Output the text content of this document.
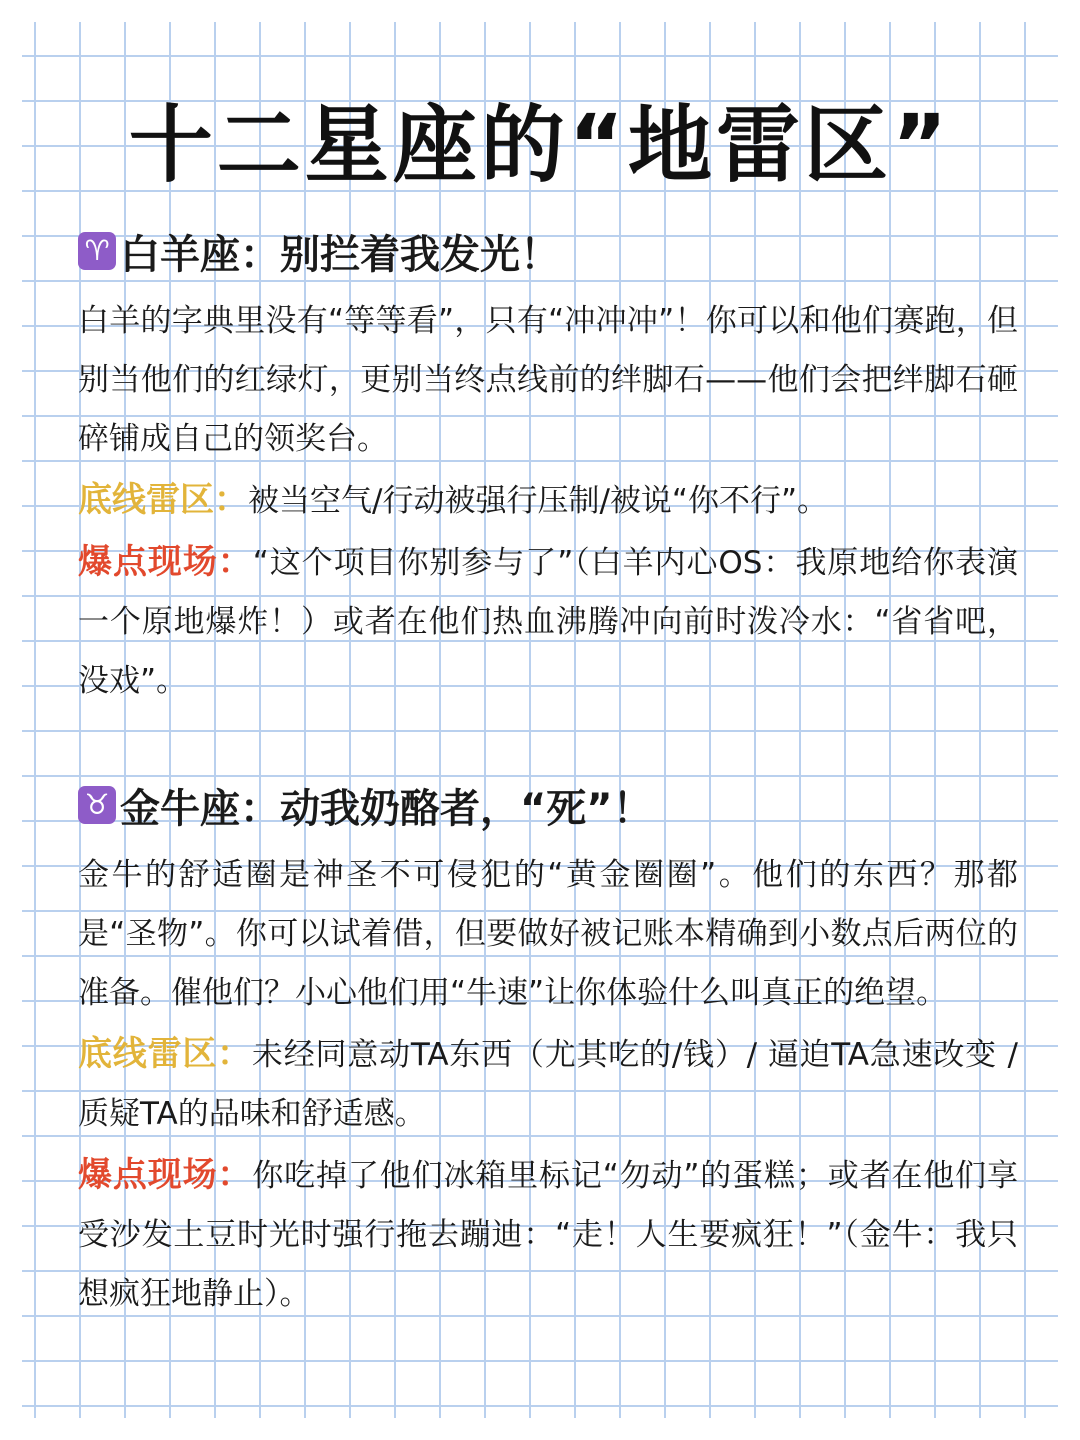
十二星座的“地雷区”
♈ 白羊座：别拦着我发光！

白羊的字典里没有“等等看”，只有“冲冲冲”！你可以和他们赛跑，但别当他们的红绿灯，更别当终点线前的绊脚石——他们会把绊脚石砸碎铺成自己的领奖台。

底线雷区：被当空气/行动被强行压制/被说“你不行”。

爆点现场：“这个项目你别参与了”（白羊内心OS：我原地给你表演一个原地爆炸！）或者在他们热血沸腾冲向前时泼冷水：“省省吧，没戏”。

♉ 金牛座：动我奶酪者，“死”！

金牛的舒适圈是神圣不可侵犯的“黄金圈圈”。他们的东西？那都是“圣物”。你可以试着借，但要做好被记账本精确到小数点后两位的准备。催他们？小心他们用“牛速”让你体验什么叫真正的绝望。

底线雷区：未经同意动TA东西（尤其吃的/钱）/ 逼迫TA急速改变 / 质疑TA的品味和舒适感。

爆点现场：你吃掉了他们冰箱里标记“勿动”的蛋糕；或者在他们享受沙发土豆时光时强行拖去蹦迪：“走！人生要疯狂！”（金牛：我只想疯狂地静止）。
